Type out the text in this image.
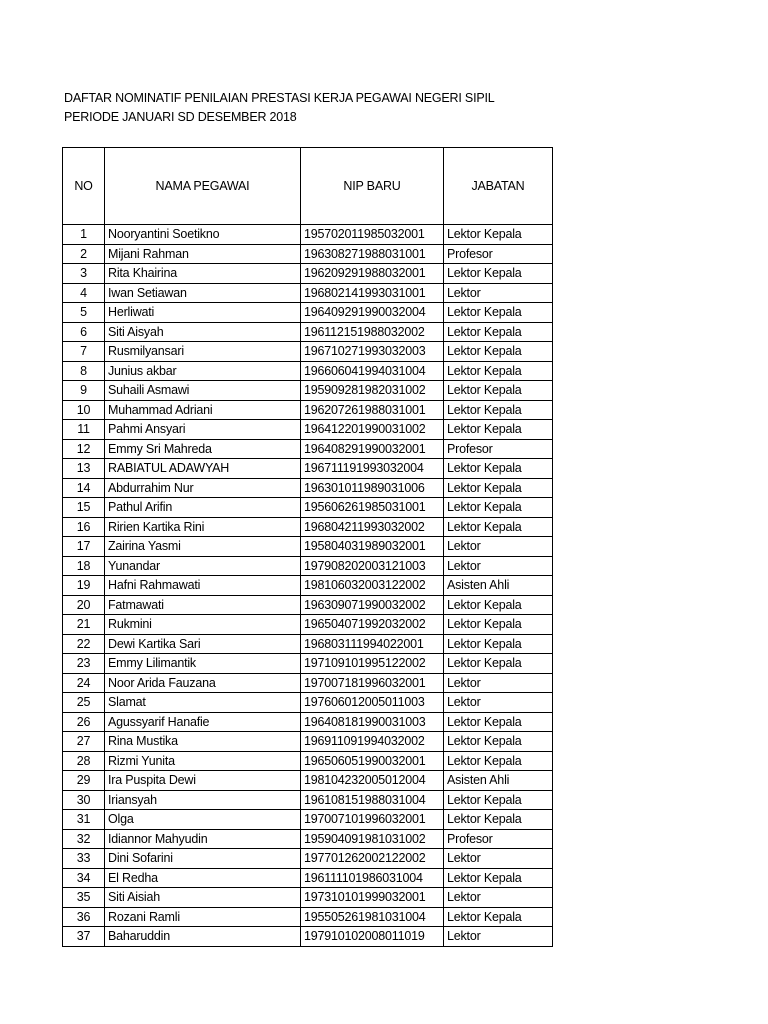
DAFTAR NOMINATIF PENILAIAN PRESTASI KERJA PEGAWAI NEGERI SIPIL
PERIODE JANUARI SD DESEMBER 2018
NO	NAMA PEGAWAI	NIP BARU	JABATAN
1	Nooryantini Soetikno	195702011985032001	Lektor Kepala
2	Mijani Rahman	196308271988031001	Profesor
3	Rita Khairina	196209291988032001	Lektor Kepala
4	Iwan Setiawan	196802141993031001	Lektor
5	Herliwati	196409291990032004	Lektor Kepala
6	Siti Aisyah	196112151988032002	Lektor Kepala
7	Rusmilyansari	196710271993032003	Lektor Kepala
8	Junius akbar	196606041994031004	Lektor Kepala
9	Suhaili Asmawi	195909281982031002	Lektor Kepala
10	Muhammad Adriani	196207261988031001	Lektor Kepala
11	Pahmi Ansyari	196412201990031002	Lektor Kepala
12	Emmy Sri Mahreda	196408291990032001	Profesor
13	RABIATUL ADAWYAH	196711191993032004	Lektor Kepala
14	Abdurrahim Nur	196301011989031006	Lektor Kepala
15	Pathul Arifin	195606261985031001	Lektor Kepala
16	Ririen Kartika Rini	196804211993032002	Lektor Kepala
17	Zairina Yasmi	195804031989032001	Lektor
18	Yunandar	197908202003121003	Lektor
19	Hafni Rahmawati	198106032003122002	Asisten Ahli
20	Fatmawati	196309071990032002	Lektor Kepala
21	Rukmini	196504071992032002	Lektor Kepala
22	Dewi Kartika Sari	196803111994022001	Lektor Kepala
23	Emmy Lilimantik	197109101995122002	Lektor Kepala
24	Noor Arida Fauzana	197007181996032001	Lektor
25	Slamat	197606012005011003	Lektor
26	Agussyarif Hanafie	196408181990031003	Lektor Kepala
27	Rina Mustika	196911091994032002	Lektor Kepala
28	Rizmi Yunita	196506051990032001	Lektor Kepala
29	Ira Puspita Dewi	198104232005012004	Asisten Ahli
30	Iriansyah	196108151988031004	Lektor Kepala
31	Olga	197007101996032001	Lektor Kepala
32	Idiannor Mahyudin	195904091981031002	Profesor
33	Dini Sofarini	197701262002122002	Lektor
34	El Redha	196111101986031004	Lektor Kepala
35	Siti Aisiah	197310101999032001	Lektor
36	Rozani Ramli	195505261981031004	Lektor Kepala
37	Baharuddin	197910102008011019	Lektor
